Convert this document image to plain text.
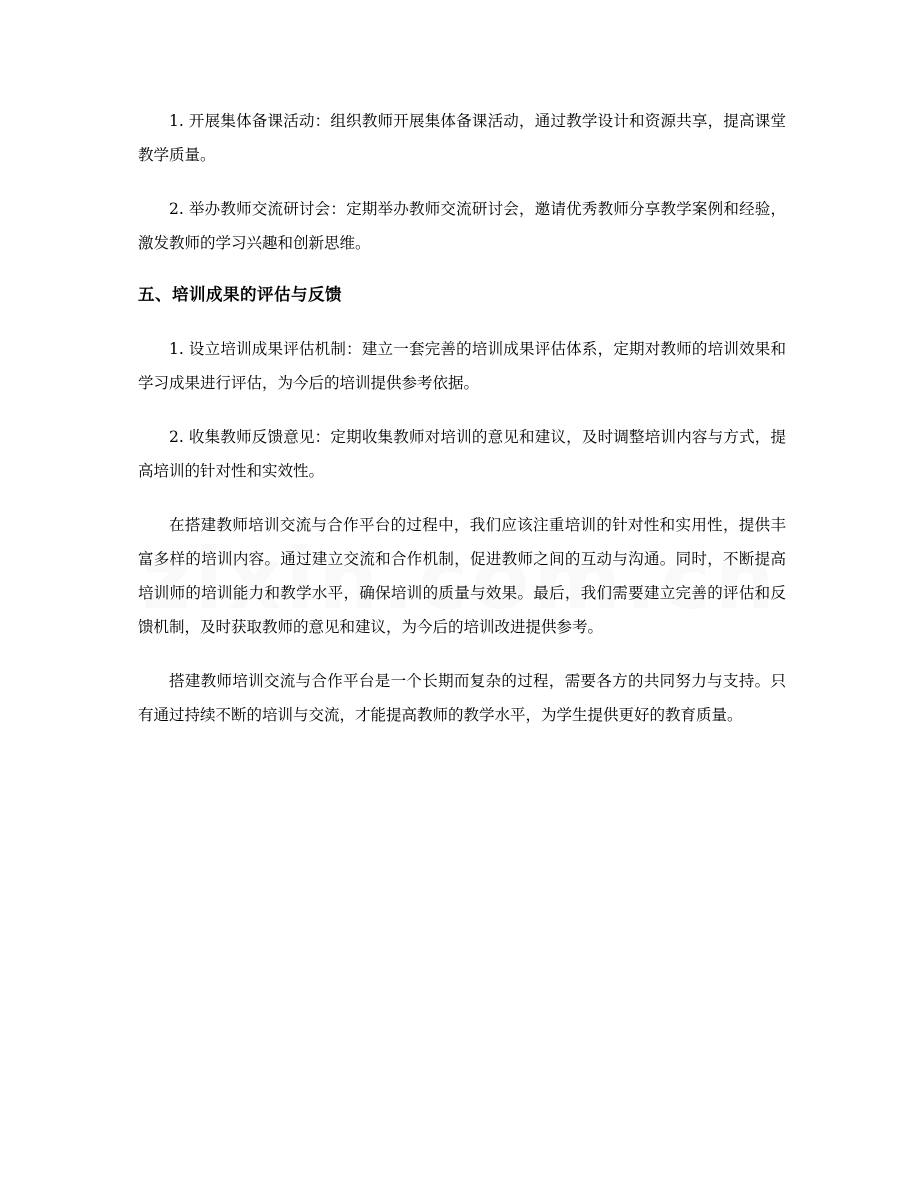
1. 开展集体备课活动：组织教师开展集体备课活动，通过教学设计和资源共享，提高课堂教学质量。

2. 举办教师交流研讨会：定期举办教师交流研讨会，邀请优秀教师分享教学案例和经验，激发教师的学习兴趣和创新思维。

五、培训成果的评估与反馈

1. 设立培训成果评估机制：建立一套完善的培训成果评估体系，定期对教师的培训效果和学习成果进行评估，为今后的培训提供参考依据。

2. 收集教师反馈意见：定期收集教师对培训的意见和建议，及时调整培训内容与方式，提高培训的针对性和实效性。

在搭建教师培训交流与合作平台的过程中，我们应该注重培训的针对性和实用性，提供丰富多样的培训内容。通过建立交流和合作机制，促进教师之间的互动与沟通。同时，不断提高培训师的培训能力和教学水平，确保培训的质量与效果。最后，我们需要建立完善的评估和反馈机制，及时获取教师的意见和建议，为今后的培训改进提供参考。

搭建教师培训交流与合作平台是一个长期而复杂的过程，需要各方的共同努力与支持。只有通过持续不断的培训与交流，才能提高教师的教学水平，为学生提供更好的教育质量。
